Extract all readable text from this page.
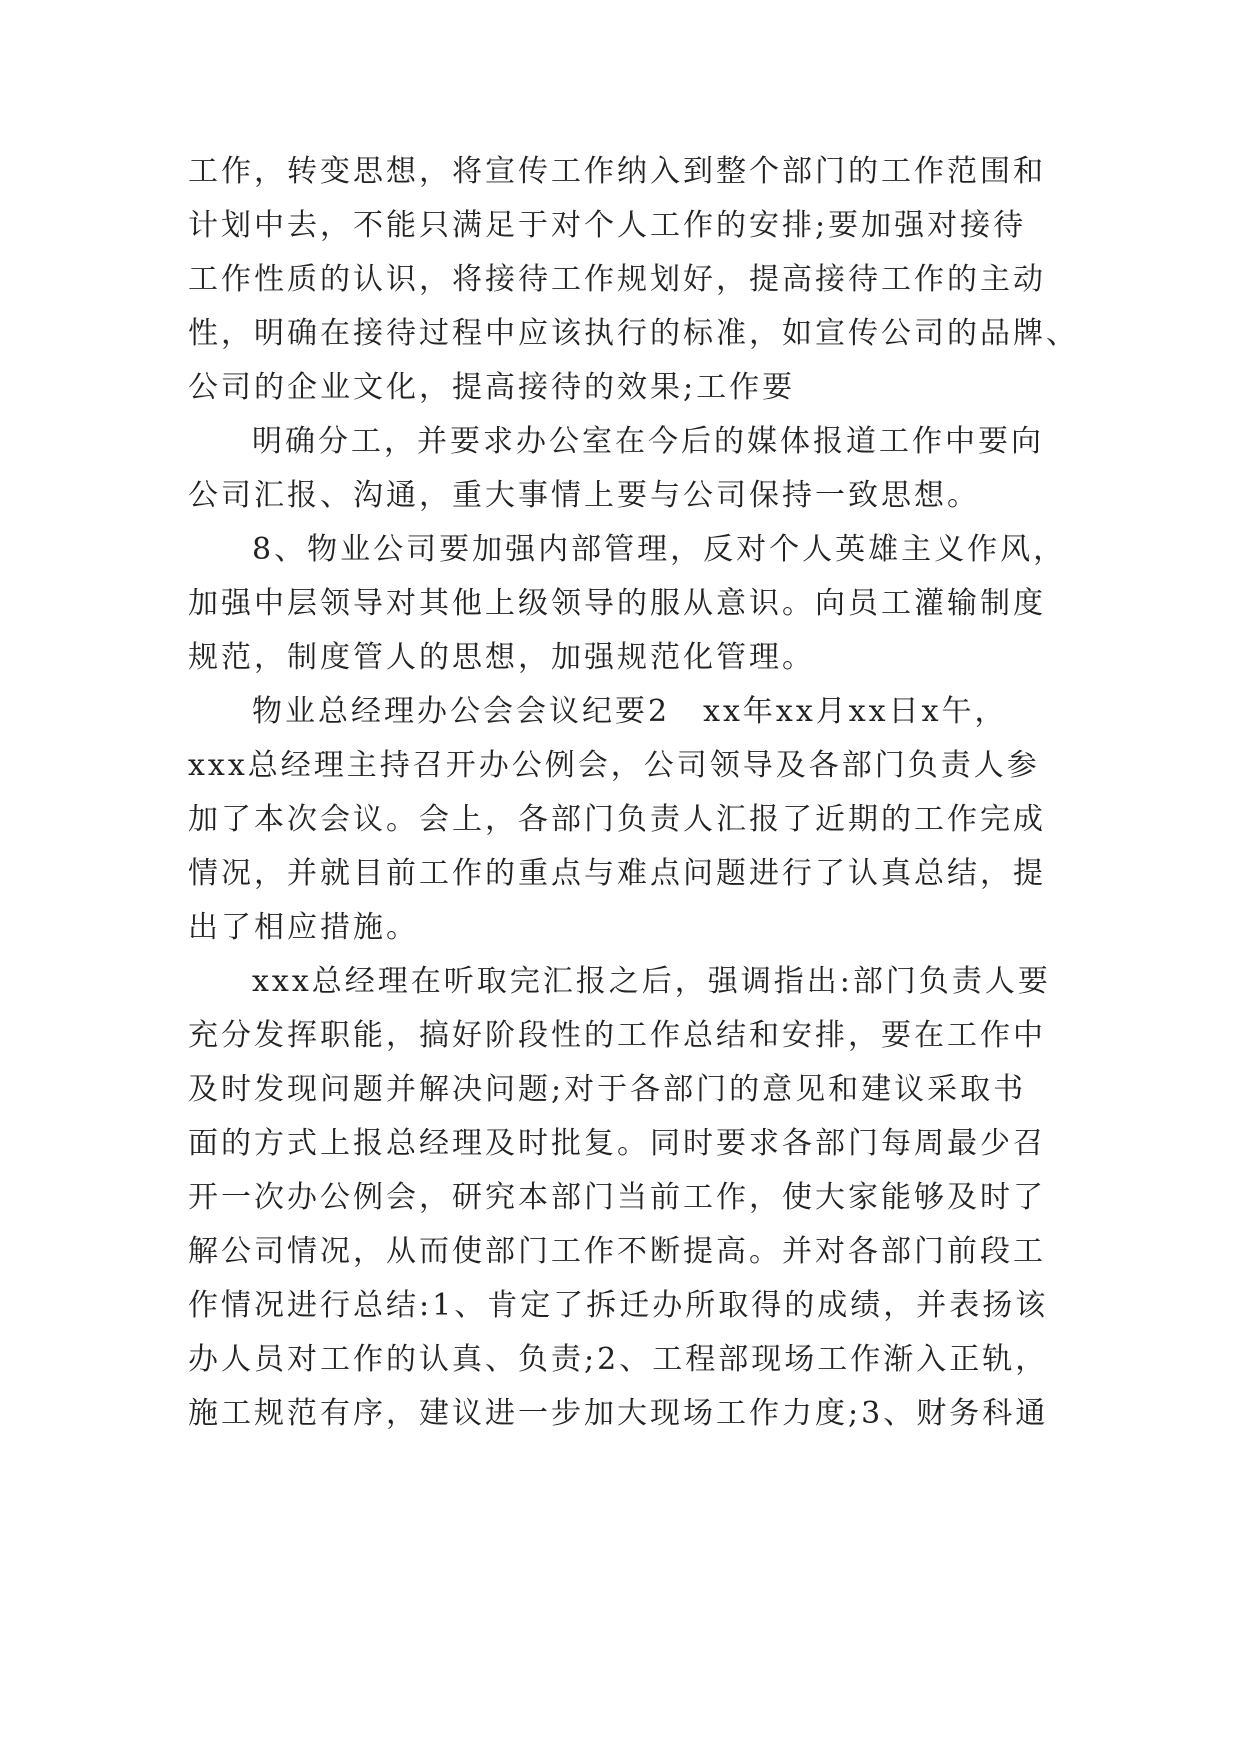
工作，转变思想，将宣传工作纳入到整个部门的工作范围和

计划中去，不能只满足于对个人工作的安排;要加强对接待

工作性质的认识，将接待工作规划好，提高接待工作的主动

性，明确在接待过程中应该执行的标准，如宣传公司的品牌、

公司的企业文化，提高接待的效果;工作要

明确分工，并要求办公室在今后的媒体报道工作中要向

公司汇报、沟通，重大事情上要与公司保持一致思想。

8、物业公司要加强内部管理，反对个人英雄主义作风，

加强中层领导对其他上级领导的服从意识。向员工灌输制度

规范，制度管人的思想，加强规范化管理。

物业总经理办公会会议纪要2　xx年xx月xx日x午，

xxx总经理主持召开办公例会，公司领导及各部门负责人参

加了本次会议。会上，各部门负责人汇报了近期的工作完成

情况，并就目前工作的重点与难点问题进行了认真总结，提

出了相应措施。

xxx总经理在听取完汇报之后，强调指出:部门负责人要

充分发挥职能，搞好阶段性的工作总结和安排，要在工作中

及时发现问题并解决问题;对于各部门的意见和建议采取书

面的方式上报总经理及时批复。同时要求各部门每周最少召

开一次办公例会，研究本部门当前工作，使大家能够及时了

解公司情况，从而使部门工作不断提高。并对各部门前段工

作情况进行总结:1、肯定了拆迁办所取得的成绩，并表扬该

办人员对工作的认真、负责;2、工程部现场工作渐入正轨，

施工规范有序，建议进一步加大现场工作力度;3、财务科通
